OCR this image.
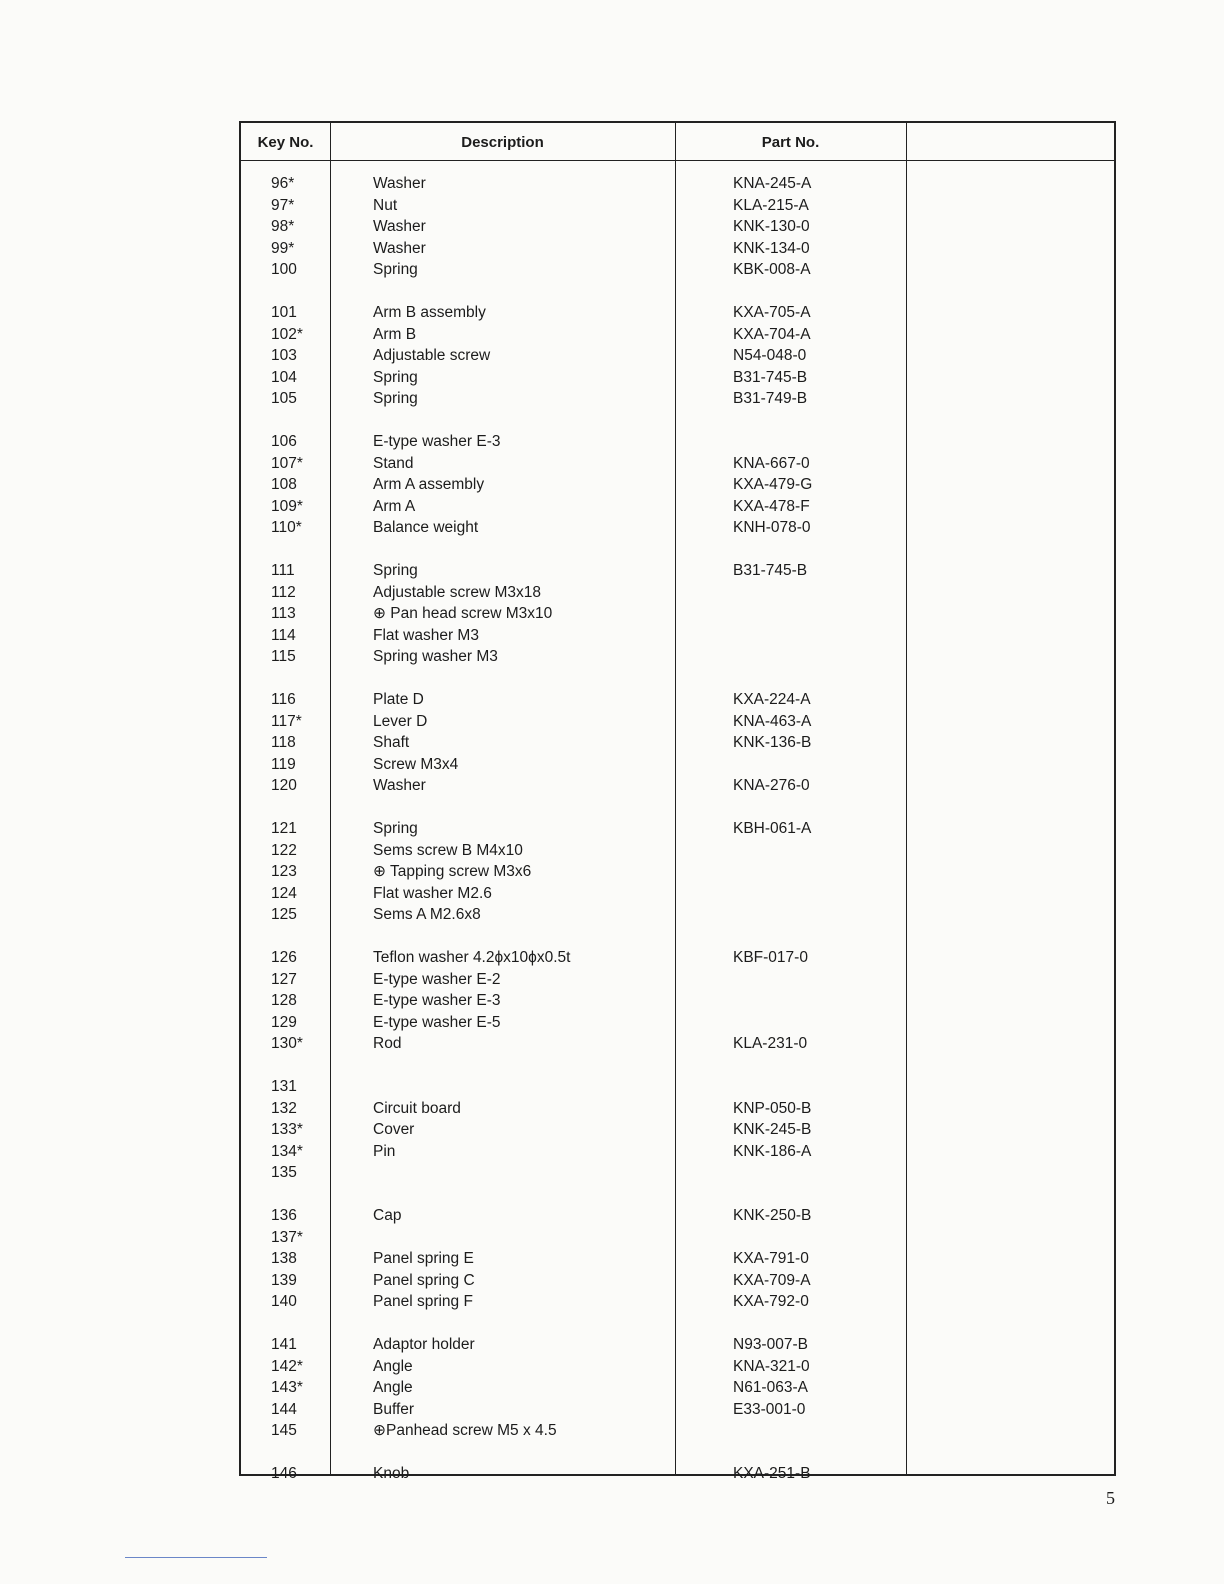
Key No.	Description	Part No.
96*	Washer	KNA-245-A
97*	Nut	KLA-215-A
98*	Washer	KNK-130-0
99*	Washer	KNK-134-0
100	Spring	KBK-008-A
101	Arm B assembly	KXA-705-A
102*	Arm B	KXA-704-A
103	Adjustable screw	N54-048-0
104	Spring	B31-745-B
105	Spring	B31-749-B
106	E-type washer E-3
107*	Stand	KNA-667-0
108	Arm A assembly	KXA-479-G
109*	Arm A	KXA-478-F
110*	Balance weight	KNH-078-0
111	Spring	B31-745-B
112	Adjustable screw M3x18
113	⊕ Pan head screw M3x10
114	Flat washer M3
115	Spring washer M3
116	Plate D	KXA-224-A
117*	Lever D	KNA-463-A
118	Shaft	KNK-136-B
119	Screw M3x4
120	Washer	KNA-276-0
121	Spring	KBH-061-A
122	Sems screw B M4x10
123	⊕ Tapping screw M3x6
124	Flat washer M2.6
125	Sems A M2.6x8
126	Teflon washer 4.2ϕx10ϕx0.5t	KBF-017-0
127	E-type washer E-2
128	E-type washer E-3
129	E-type washer E-5
130*	Rod	KLA-231-0
131
132	Circuit board	KNP-050-B
133*	Cover	KNK-245-B
134*	Pin	KNK-186-A
135
136	Cap	KNK-250-B
137*
138	Panel spring E	KXA-791-0
139	Panel spring C	KXA-709-A
140	Panel spring F	KXA-792-0
141	Adaptor holder	N93-007-B
142*	Angle	KNA-321-0
143*	Angle	N61-063-A
144	Buffer	E33-001-0
145	⊕Panhead screw M5 x 4.5
146	Knob	KXA-251-B
5
